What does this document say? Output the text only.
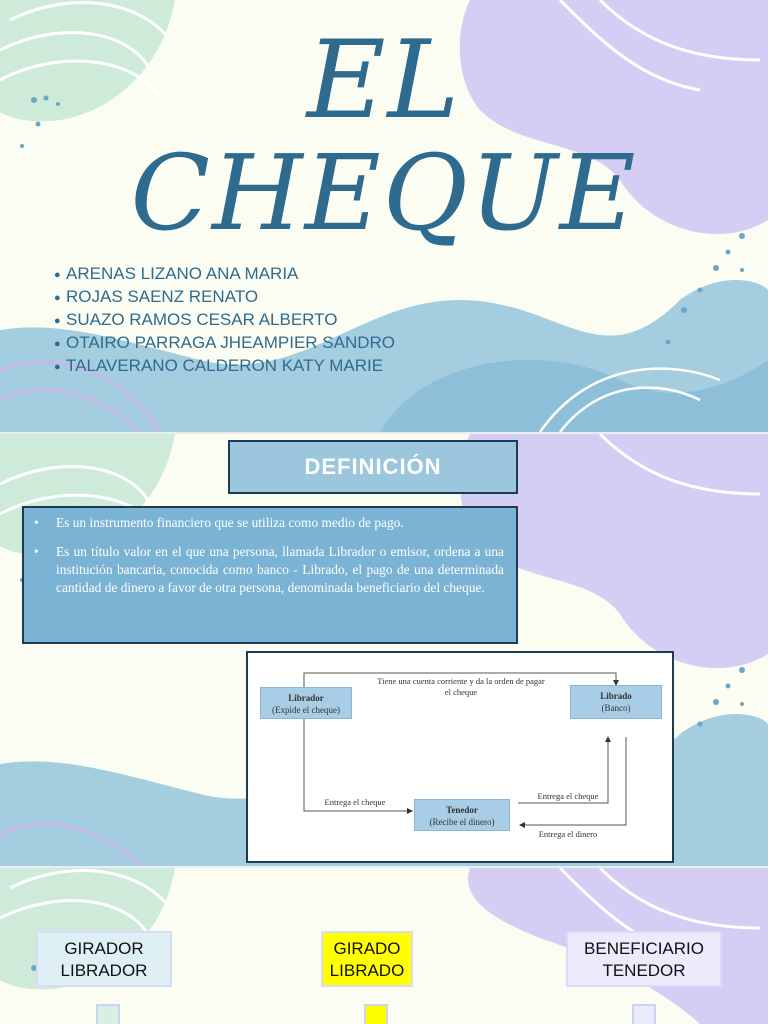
EL
CHEQUE
● ARENAS LIZANO ANA MARIA
● ROJAS SAENZ RENATO
● SUAZO RAMOS CESAR ALBERTO
● OTAIRO PARRAGA JHEAMPIER SANDRO
● TALAVERANO CALDERON KATY MARIE
DEFINICIÓN

• Es un instrumento financiero que se utiliza como medio de pago.

• Es un título valor en el que una persona, llamada Librador o emisor, ordena a una institución bancaria, conocida como banco - Librado, el pago de una determinada cantidad de dinero a favor de otra persona, denominada beneficiario del cheque.

Librador
(Expide el cheque)
Librado
(Banco)
Tenedor
(Recibe el dinero)
Tiene una cuenta corriente y da la orden de pagar
el cheque
Entrega el cheque
Entrega el cheque
Entrega el dinero
GIRADOR
LIBRADOR
GIRADO
LIBRADO
BENEFICIARIO
TENEDOR
